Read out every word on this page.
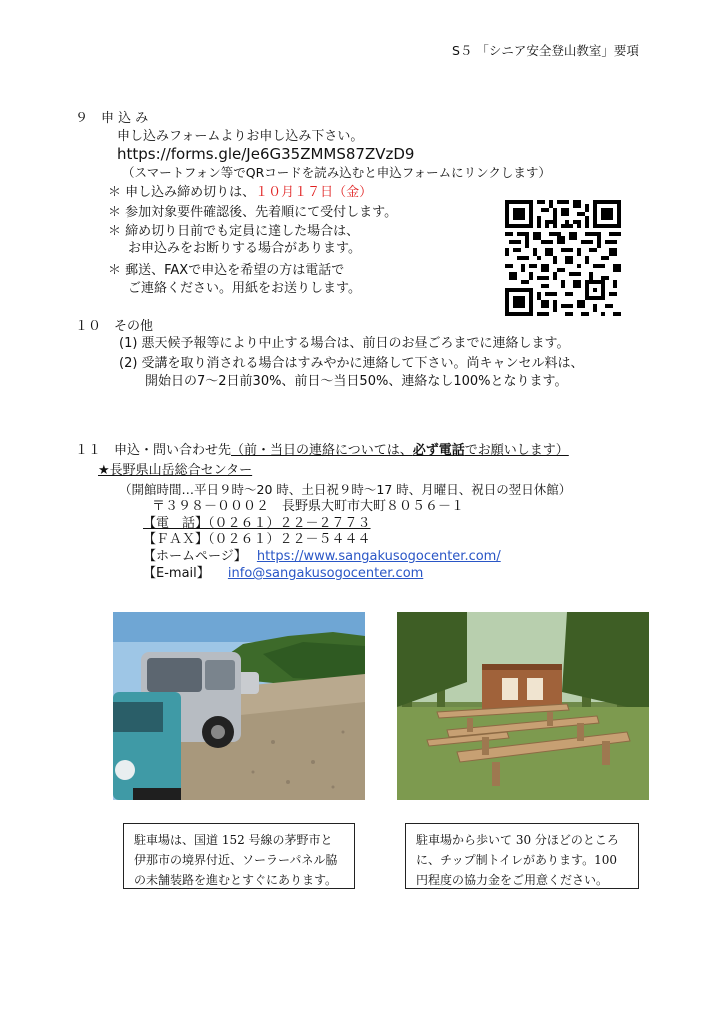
S５ 「シニア安全登山教室」要項
９　申 込 み
申し込みフォームよりお申し込み下さい。
https://forms.gle/Je6G35ZMMS87ZVzD9
（スマートフォン等でQRコードを読み込むと申込フォームにリンクします）
＊ 申し込み締め切りは、１０月１７日（金）
＊ 参加対象要件確認後、先着順にて受付します。
＊ 締め切り日前でも定員に達した場合は、
お申込みをお断りする場合があります。
＊ 郵送、FAXで申込を希望の方は電話で
ご連絡ください。用紙をお送りします。
１０　その他
(1) 悪天候予報等により中止する場合は、前日のお昼ごろまでに連絡します。
(2) 受講を取り消される場合はすみやかに連絡して下さい。尚キャンセル料は、
開始日の7～2日前30%、前日～当日50%、連絡なし100%となります。
１１　申込・問い合わせ先（前・当日の連絡については、必ず電話でお願いします）
★長野県山岳総合センター
（開館時間…平日９時～20 時、土日祝９時～17 時、月曜日、祝日の翌日休館）
〒３９８－０００２　長野県大町市大町８０５６－１
【電　話】（０２６１）２２－２７７３
【ＦＡＸ】（０２６１）２２－５４４４
【ホームページ】 https://www.sangakusogocenter.com/
【E-mail】 info@sangakusogocenter.com
駐車場は、国道 152 号線の茅野市と伊那市の境界付近、ソーラーパネル脇の未舗装路を進むとすぐにあります。
駐車場から歩いて 30 分ほどのところに、チップ制トイレがあります。100 円程度の協力金をご用意ください。
